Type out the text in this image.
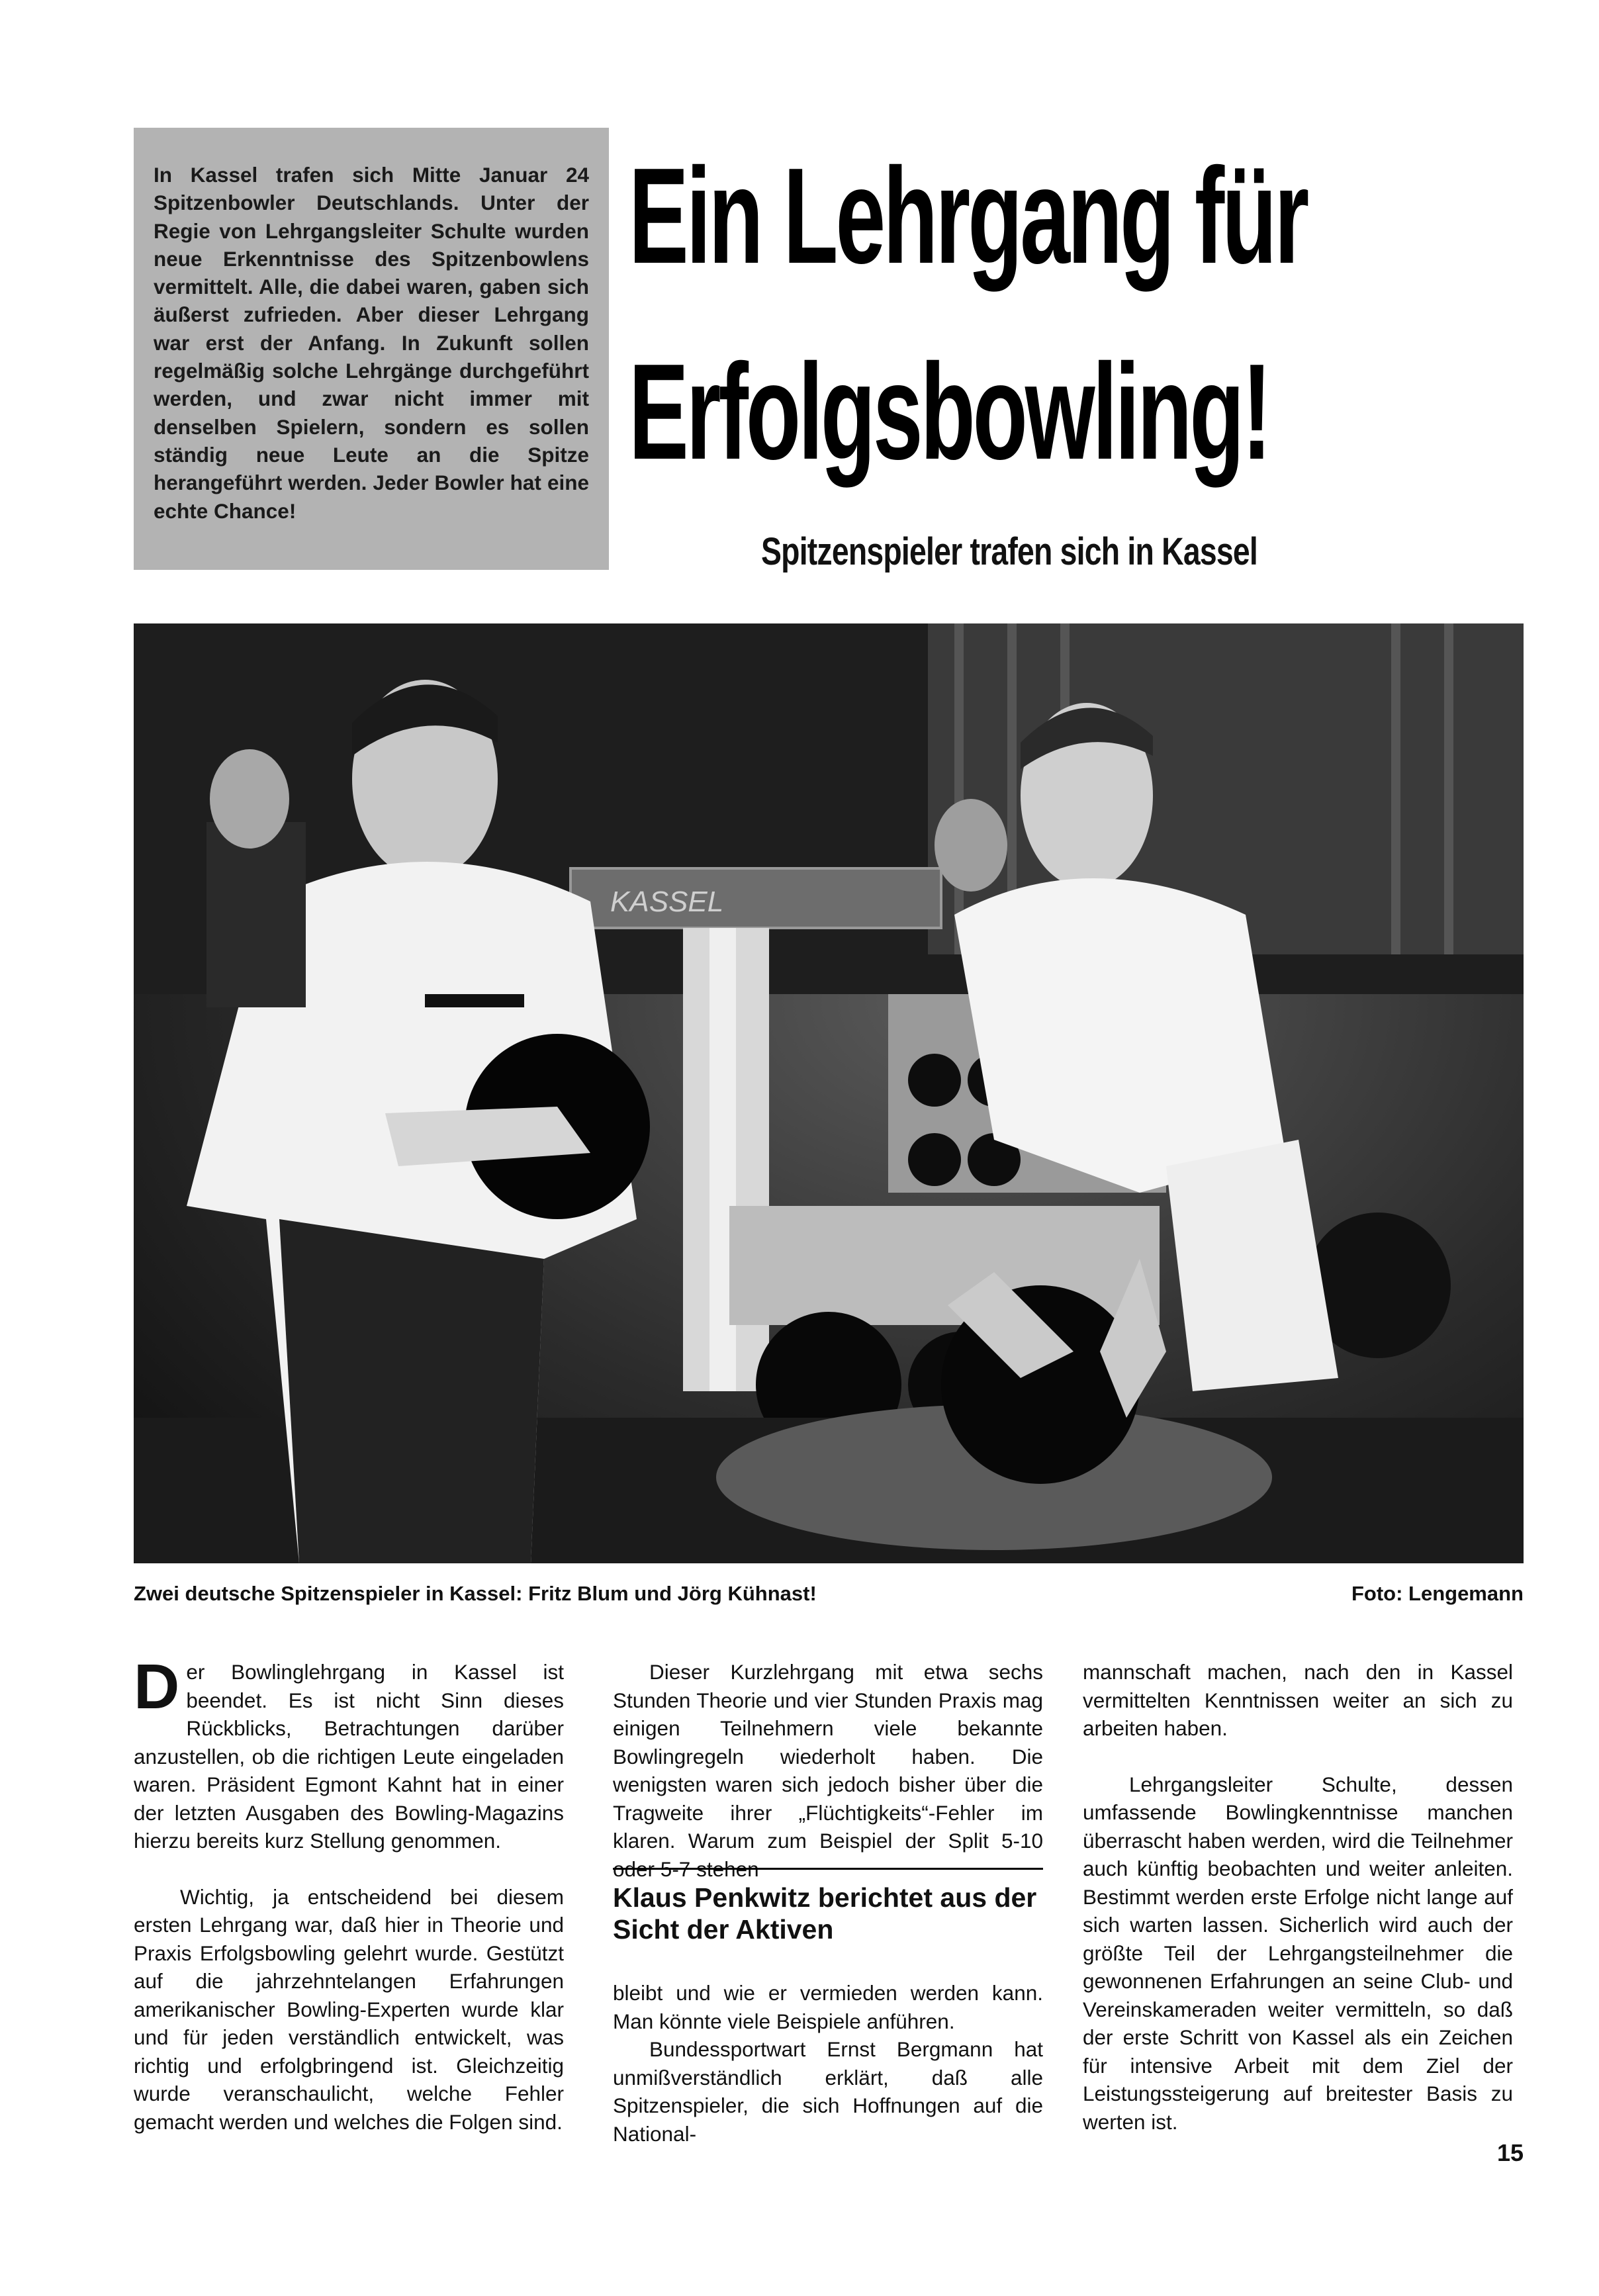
In Kassel trafen sich Mitte Januar 24 Spitzenbowler Deutschlands. Unter der Regie von Lehrgangsleiter Schulte wurden neue Erkenntnisse des Spitzenbowlens vermittelt. Alle, die dabei waren, gaben sich äußerst zufrieden. Aber dieser Lehrgang war erst der Anfang. In Zukunft sollen regelmäßig solche Lehrgänge durchgeführt werden, und zwar nicht immer mit denselben Spielern, sondern es sollen ständig neue Leute an die Spitze herangeführt werden. Jeder Bowler hat eine echte Chance!

Ein Lehrgang für
Erfolgsbowling!
Spitzenspieler trafen sich in Kassel
KASSEL

Zwei deutsche Spitzenspieler in Kassel: Fritz Blum und Jörg Kühnast!	Foto: Lengemann

Der Bowlinglehrgang in Kassel ist beendet. Es ist nicht Sinn dieses Rückblicks, Betrachtungen darüber anzustellen, ob die richtigen Leute eingeladen waren. Präsident Egmont Kahnt hat in einer der letzten Ausgaben des Bowling-Magazins hierzu bereits kurz Stellung genommen.

Wichtig, ja entscheidend bei diesem ersten Lehrgang war, daß hier in Theorie und Praxis Erfolgsbowling gelehrt wurde. Gestützt auf die jahrzehntelangen Erfahrungen amerikanischer Bowling-Experten wurde klar und für jeden verständlich entwickelt, was richtig und erfolgbringend ist. Gleichzeitig wurde veranschaulicht, welche Fehler gemacht werden und welches die Folgen sind.

Dieser Kurzlehrgang mit etwa sechs Stunden Theorie und vier Stunden Praxis mag einigen Teilnehmern viele bekannte Bowlingregeln wiederholt haben. Die wenigsten waren sich jedoch bisher über die Tragweite ihrer „Flüchtigkeits“-Fehler im klaren. Warum zum Beispiel der Split 5-10 oder 5-7 stehen

Klaus Penkwitz berichtet aus der Sicht der Aktiven

bleibt und wie er vermieden werden kann. Man könnte viele Beispiele anführen.

Bundessportwart Ernst Bergmann hat unmißverständlich erklärt, daß alle Spitzenspieler, die sich Hoffnungen auf die National-

mannschaft machen, nach den in Kassel vermittelten Kenntnissen weiter an sich zu arbeiten haben.

Lehrgangsleiter Schulte, dessen umfassende Bowlingkenntnisse manchen überrascht haben werden, wird die Teilnehmer auch künftig beobachten und weiter anleiten. Bestimmt werden erste Erfolge nicht lange auf sich warten lassen. Sicherlich wird auch der größte Teil der Lehrgangsteilnehmer die gewonnenen Erfahrungen an seine Club- und Vereinskameraden weiter vermitteln, so daß der erste Schritt von Kassel als ein Zeichen für intensive Arbeit mit dem Ziel der Leistungssteigerung auf breitester Basis zu werten ist.

15
